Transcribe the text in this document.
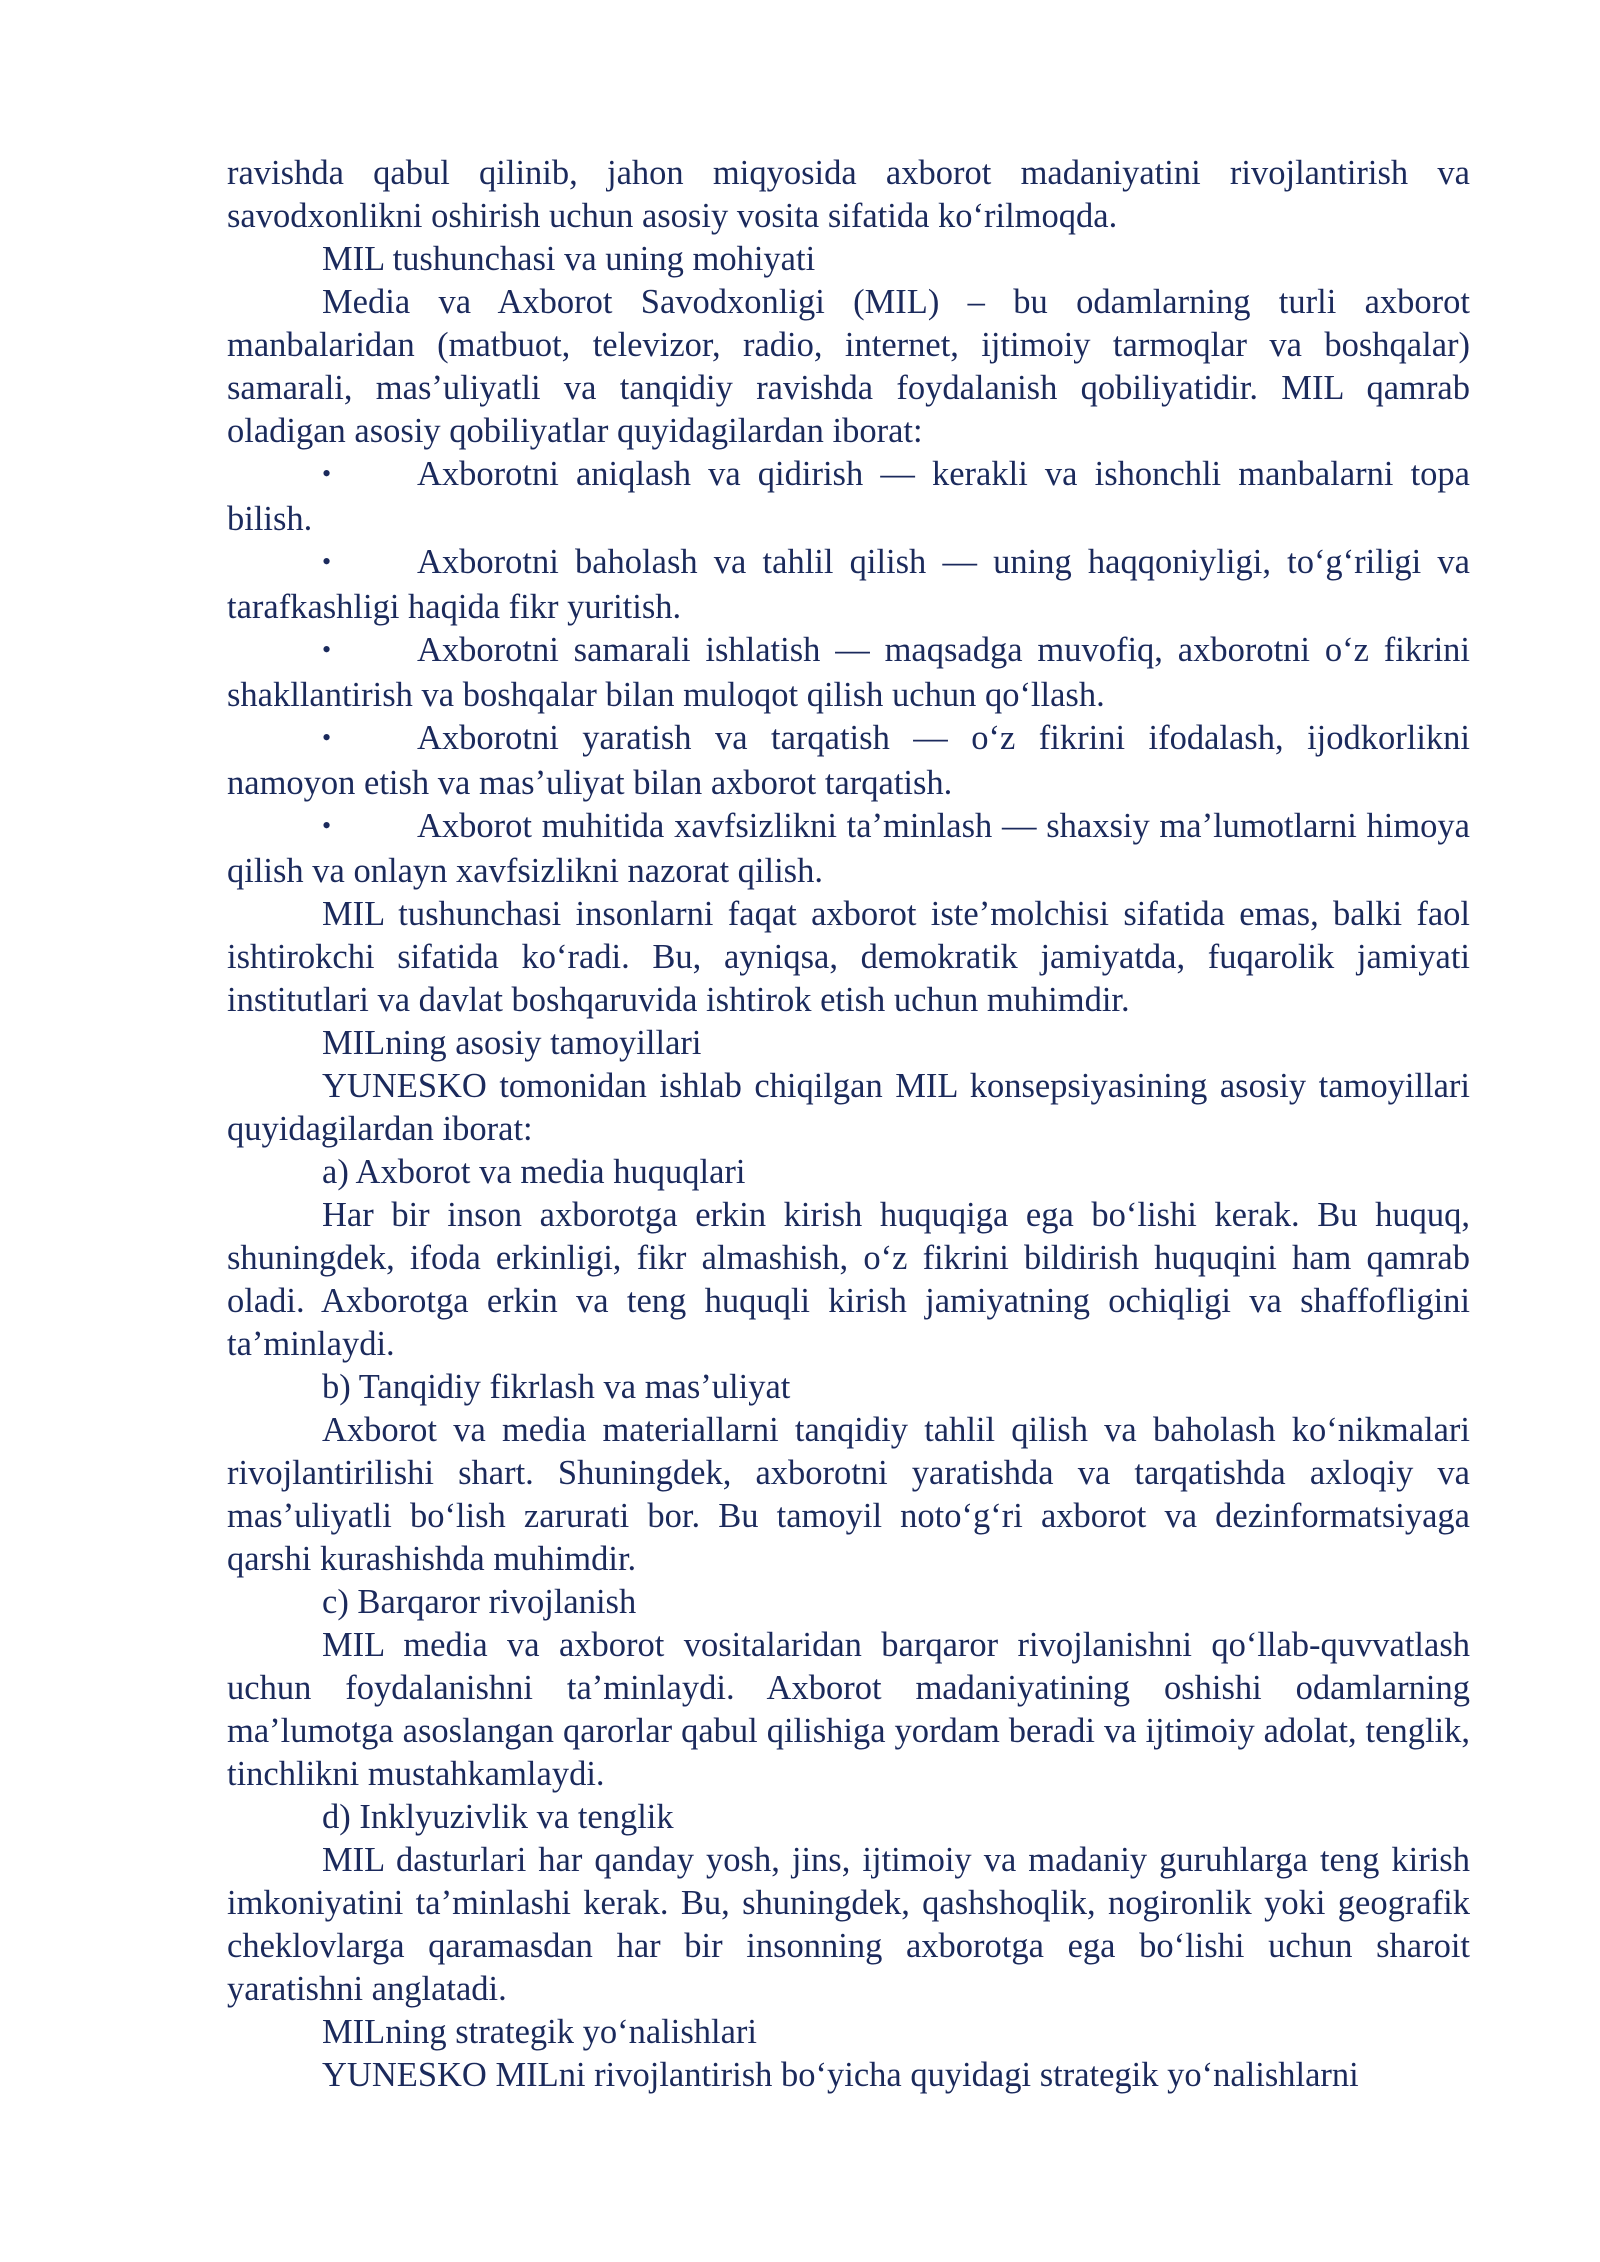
ravishda qabul qilinib, jahon miqyosida axborot madaniyatini rivojlantirish va savodxonlikni oshirish uchun asosiy vosita sifatida koʻrilmoqda.

MIL tushunchasi va uning mohiyati

Media va Axborot Savodxonligi (MIL) – bu odamlarning turli axborot manbalaridan (matbuot, televizor, radio, internet, ijtimoiy tarmoqlar va boshqalar) samarali, masʼuliyatli va tanqidiy ravishda foydalanish qobiliyatidir. MIL qamrab oladigan asosiy qobiliyatlar quyidagilardan iborat:

•Axborotni aniqlash va qidirish — kerakli va ishonchli manbalarni topa bilish.

•Axborotni baholash va tahlil qilish — uning haqqoniyligi, toʻgʻriligi va tarafkashligi haqida fikr yuritish.

•Axborotni samarali ishlatish — maqsadga muvofiq, axborotni oʻz fikrini shakllantirish va boshqalar bilan muloqot qilish uchun qoʻllash.

•Axborotni yaratish va tarqatish — oʻz fikrini ifodalash, ijodkorlikni namoyon etish va masʼuliyat bilan axborot tarqatish.

•Axborot muhitida xavfsizlikni taʼminlash — shaxsiy maʼlumotlarni himoya qilish va onlayn xavfsizlikni nazorat qilish.

MIL tushunchasi insonlarni faqat axborot isteʼmolchisi sifatida emas, balki faol ishtirokchi sifatida koʻradi. Bu, ayniqsa, demokratik jamiyatda, fuqarolik jamiyati institutlari va davlat boshqaruvida ishtirok etish uchun muhimdir.

MILning asosiy tamoyillari

YUNESKO tomonidan ishlab chiqilgan MIL konsepsiyasining asosiy tamoyillari quyidagilardan iborat:

a) Axborot va media huquqlari

Har bir inson axborotga erkin kirish huquqiga ega boʻlishi kerak. Bu huquq, shuningdek, ifoda erkinligi, fikr almashish, oʻz fikrini bildirish huquqini ham qamrab oladi. Axborotga erkin va teng huquqli kirish jamiyatning ochiqligi va shaffofligini taʼminlaydi.

b) Tanqidiy fikrlash va masʼuliyat

Axborot va media materiallarni tanqidiy tahlil qilish va baholash koʻnikmalari rivojlantirilishi shart. Shuningdek, axborotni yaratishda va tarqatishda axloqiy va masʼuliyatli boʻlish zarurati bor. Bu tamoyil notoʻgʻri axborot va dezinformatsiyaga qarshi kurashishda muhimdir.

c) Barqaror rivojlanish

MIL media va axborot vositalaridan barqaror rivojlanishni qoʻllab-quvvatlash uchun foydalanishni taʼminlaydi. Axborot madaniyatining oshishi odamlarning maʼlumotga asoslangan qarorlar qabul qilishiga yordam beradi va ijtimoiy adolat, tenglik, tinchlikni mustahkamlaydi.

d) Inklyuzivlik va tenglik

MIL dasturlari har qanday yosh, jins, ijtimoiy va madaniy guruhlarga teng kirish imkoniyatini taʼminlashi kerak. Bu, shuningdek, qashshoqlik, nogironlik yoki geografik cheklovlarga qaramasdan har bir insonning axborotga ega boʻlishi uchun sharoit yaratishni anglatadi.

MILning strategik yoʻnalishlari

YUNESKO MILni rivojlantirish boʻyicha quyidagi strategik yoʻnalishlarni
